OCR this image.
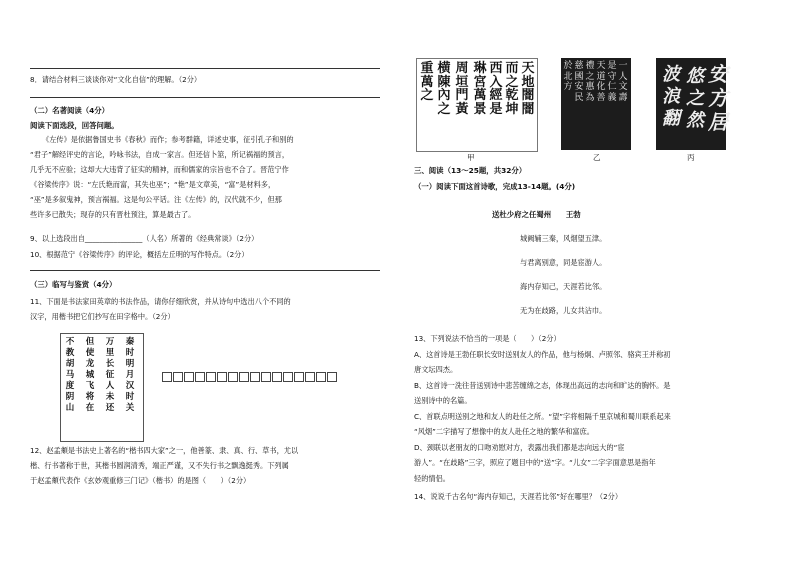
8．请结合材料三谈谈你对“文化自信”的理解。（2分）
（二）名著阅读（4分）
阅读下面选段，回答问题。
《左传》是依据鲁国史书《春秋》而作；参考群籍，详述史事，征引孔子和别的
“君子”解经评史的言论，吟咏书法，自成一家言。但还信卜筮，所记祸福的预言，
几乎无不应验；这却大大违背了征实的精神，而和儒家的宗旨也不合了。晋范宁作
《谷梁传序》说：“左氏艳而富，其失也巫”；“艳”是文章美，“富”是材料多，
“巫”是多叙鬼神，预言祸福。这是句公平话。注《左传》的，汉代就不少，但那
些许多已散失；现存的只有晋杜预注，算是最古了。
9、以上选段出自________________（人名）所著的《经典常谈》（2分）
10、根据范宁《谷梁传序》的评论，概括左丘明的写作特点。（2分）
（三）临写与鉴赏（4分）
11、下面是书法家田英章的书法作品，请你仔细欣赏，并从诗句中选出八个不同的
汉字，用楷书把它们抄写在田字格中。（2分）
秦
时
明
月
汉
时
关
万
里
长
征
人
未
还
但
使
龙
城
飞
将
在
不
教
胡
马
度
阴
山
12、赵孟頫是书法史上著名的“楷书四大家”之一，他善篆、隶、真、行、草书，尤以
楷、行书著称于世，其楷书圆润清秀，端正严谨，又不失行书之飘逸挺秀。下列属
于赵孟頫代表作《玄妙观重修三门记》（楷书）的是图（　　）（2分）
天
地
闇
闇
而
之
乾
坤
西
入
經
是
琳
宮
萬
景
周
垣
門
黃
横
陳
內
之
重
萬
之
甲
一
人
文
壽
是
守
仁
義
天
道
化
善
禮
之
惠
為
慈
國
安
民
於
北
方
乙
安
方
居
悠
之
然
波
浪
翻
丙
三、阅读（13～25题，共32分）
（一）阅读下面这首诗歌，完成13-14题。(4分)
送杜少府之任蜀州　　王勃
城阙辅三秦，风烟望五津。
与君离别意，同是宦游人。
海内存知己，天涯若比邻。
无为在歧路，儿女共沾巾。
13、下列说法不恰当的一项是（　　）（2分）
A、这首诗是王勃任职长安时送别友人的作品，他与杨炯、卢照邻、骆宾王并称初
唐文坛四杰。
B、这首诗一洗往昔送别诗中悲苦缠绵之态，体现出高远的志向和旷达的胸怀。是
送别诗中的名篇。
C、首联点明送别之地和友人的赴任之所。“望”字将相隔千里京城和蜀川联系起来
“风烟”二字描写了想像中的友人赴任之地的繁华和富庶。
D、颈联以老朋友的口吻劝慰对方，表露出我们都是志向远大的“宦
游人”。“在歧路”三字，照应了题目中的“送”字。“儿女”二字字面意思是指年
轻的情侣。
14、说说千古名句“海内存知己，天涯若比邻”好在哪里？（2分）
